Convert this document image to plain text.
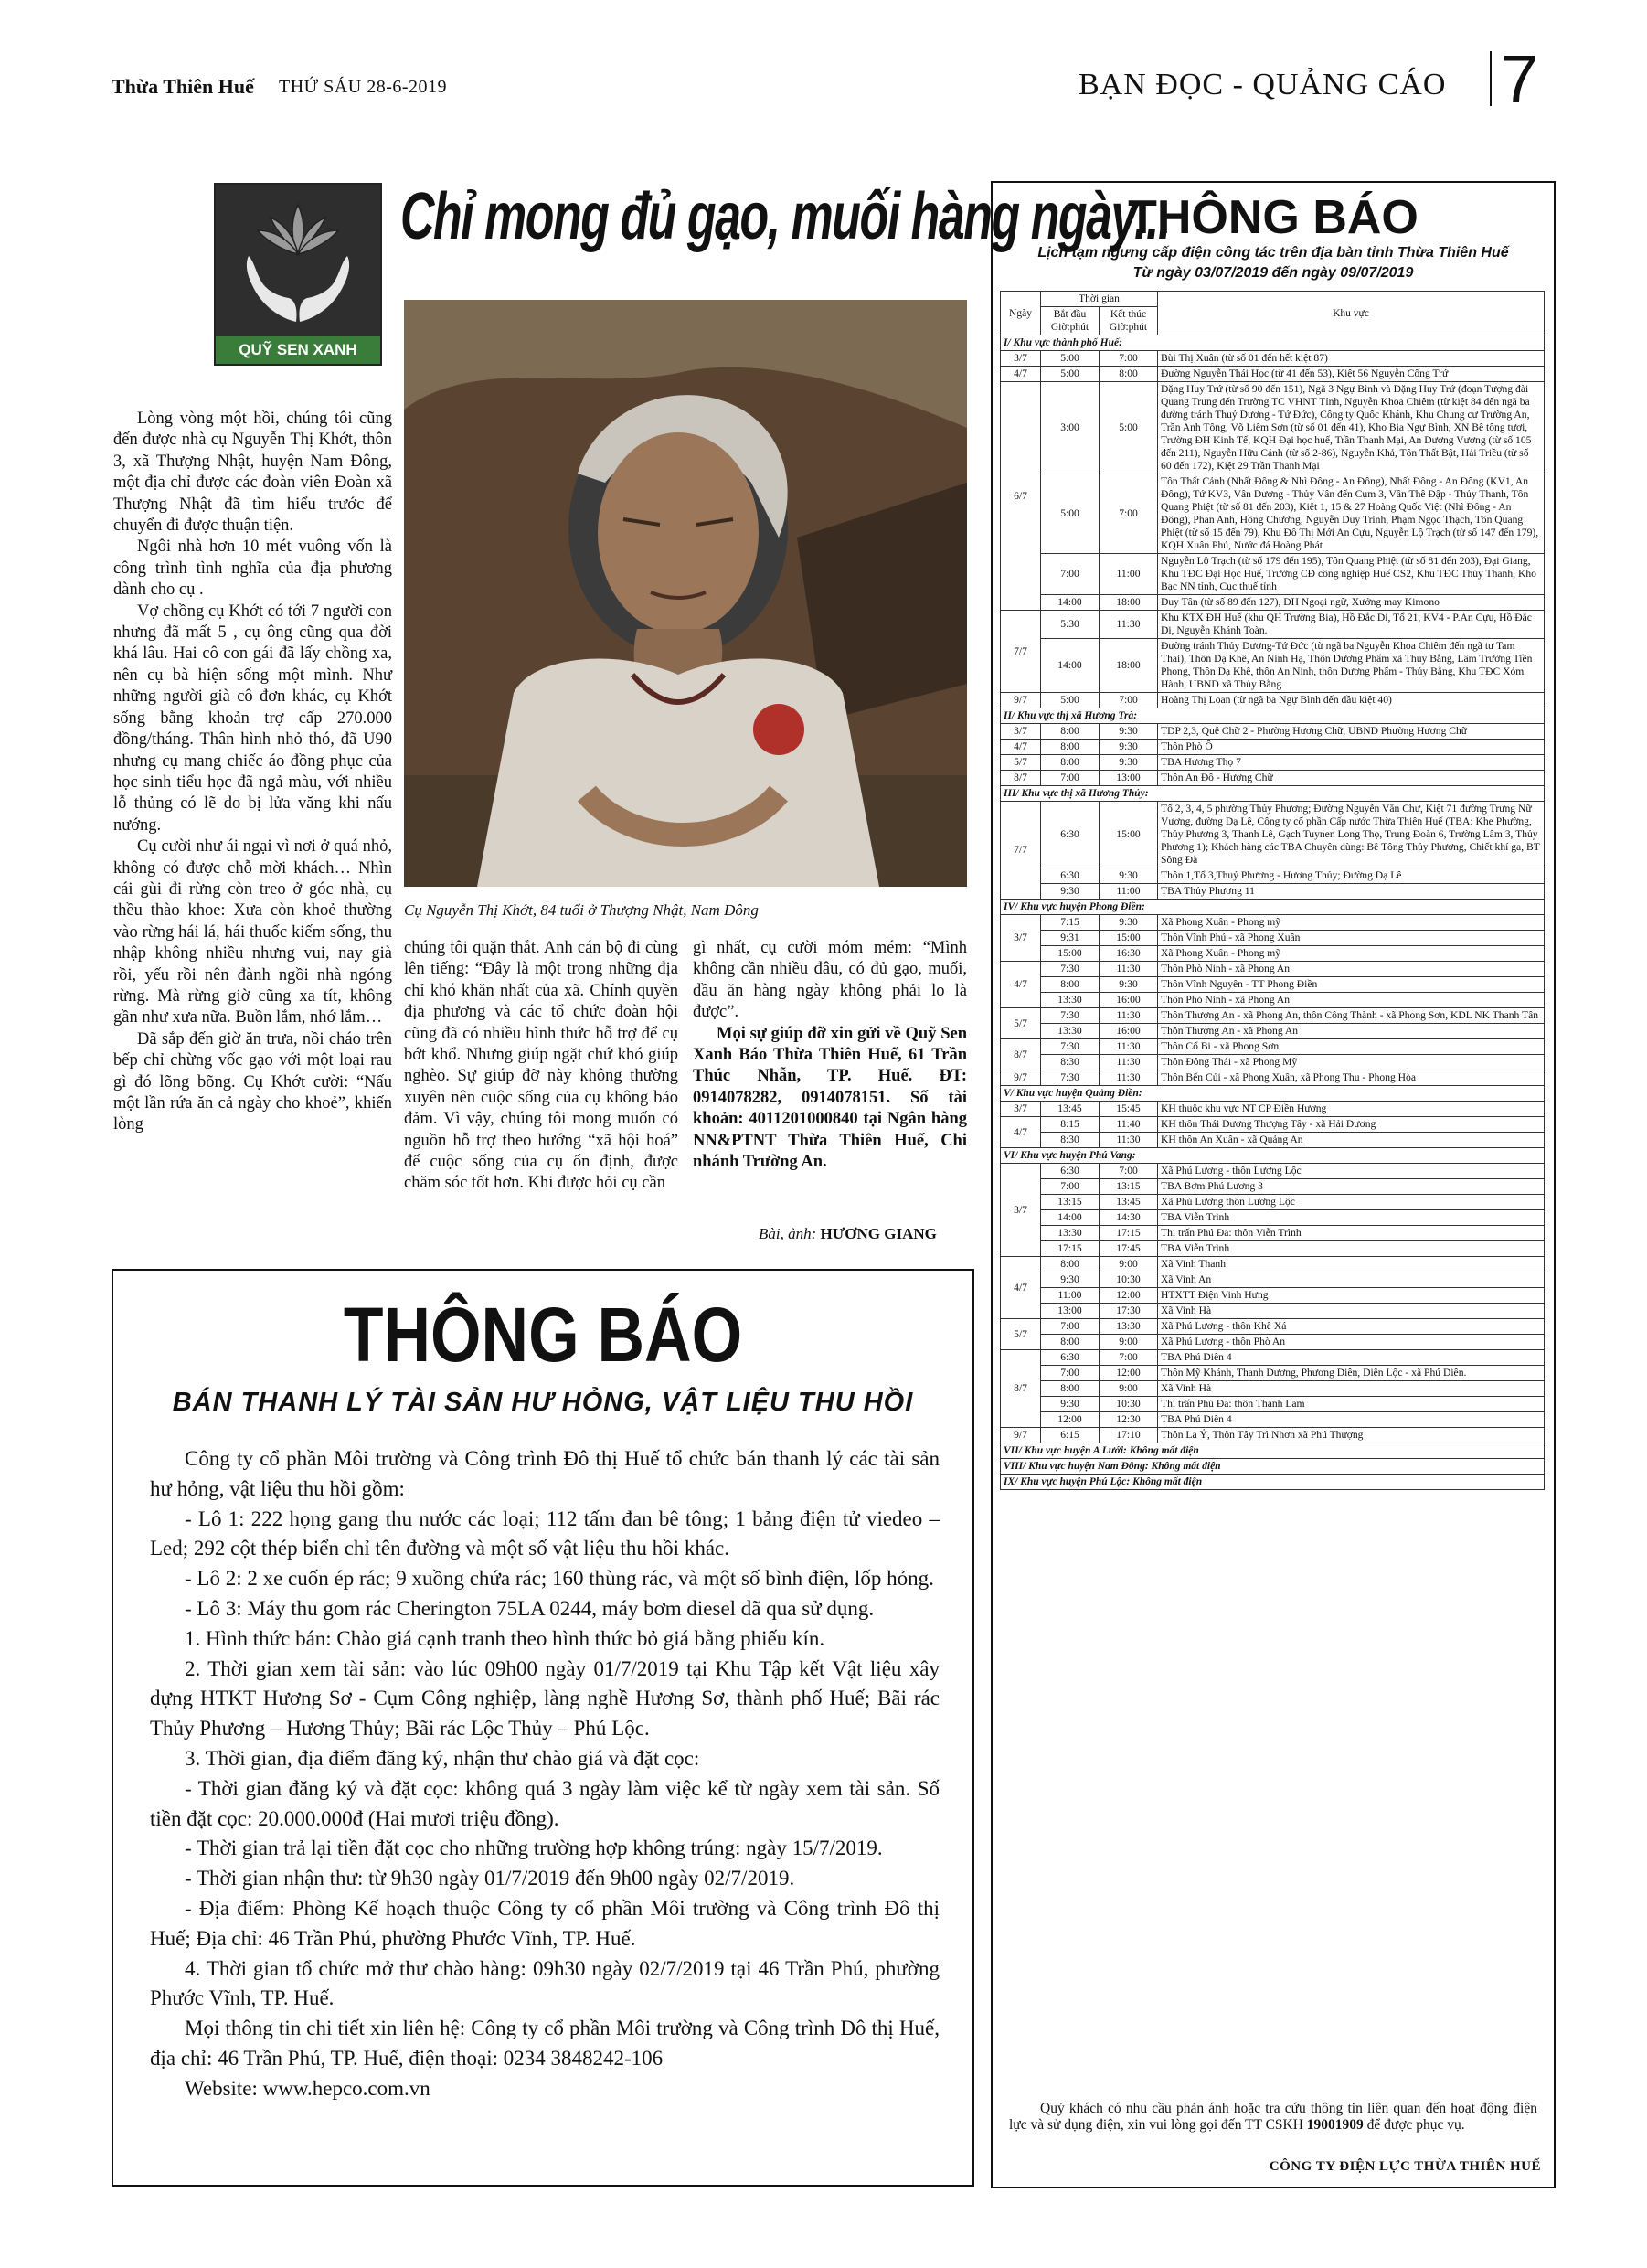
Thừa Thiên Huế THỨ SÁU 28-6-2019	BẠN ĐỌC - QUẢNG CÁO 7
QUỸ SEN XANH
Chỉ mong đủ gạo, muối hàng ngày...
Cụ Nguyễn Thị Khớt, 84 tuổi ở Thượng Nhật, Nam Đông

Lòng vòng một hồi, chúng tôi cũng đến được nhà cụ Nguyễn Thị Khớt, thôn 3, xã Thượng Nhật, huyện Nam Đông, một địa chỉ được các đoàn viên Đoàn xã Thượng Nhật đã tìm hiểu trước để chuyển đi được thuận tiện.

Ngôi nhà hơn 10 mét vuông vốn là công trình tình nghĩa của địa phương dành cho cụ .

Vợ chồng cụ Khớt có tới 7 người con nhưng đã mất 5 , cụ ông cũng qua đời khá lâu. Hai cô con gái đã lấy chồng xa, nên cụ bà hiện sống một mình. Như những người già cô đơn khác, cụ Khớt sống bằng khoản trợ cấp 270.000 đồng/tháng. Thân hình nhỏ thó, đã U90 nhưng cụ mang chiếc áo đồng phục của học sinh tiểu học đã ngả màu, với nhiều lỗ thủng có lẽ do bị lửa văng khi nấu nướng.

Cụ cười như ái ngại vì nơi ở quá nhỏ, không có được chỗ mời khách… Nhìn cái gùi đi rừng còn treo ở góc nhà, cụ thều thào khoe: Xưa còn khoẻ thường vào rừng hái lá, hái thuốc kiếm sống, thu nhập không nhiều nhưng vui, nay già rồi, yếu rồi nên đành ngồi nhà ngóng rừng. Mà rừng giờ cũng xa tít, không gần như xưa nữa. Buồn lắm, nhớ lắm…

Đã sắp đến giờ ăn trưa, nồi cháo trên bếp chỉ chừng vốc gạo với một loại rau gì đó lõng bõng. Cụ Khớt cười: “Nấu một lần rứa ăn cả ngày cho khoẻ”, khiến lòng

chúng tôi quặn thắt. Anh cán bộ đi cùng lên tiếng: “Đây là một trong những địa chỉ khó khăn nhất của xã. Chính quyền địa phương và các tổ chức đoàn hội cũng đã có nhiều hình thức hỗ trợ để cụ bớt khổ. Nhưng giúp ngặt chứ khó giúp nghèo. Sự giúp đỡ này không thường xuyên nên cuộc sống của cụ không bảo đảm. Vì vậy, chúng tôi mong muốn có nguồn hỗ trợ theo hướng “xã hội hoá” để cuộc sống của cụ ổn định, được chăm sóc tốt hơn. Khi được hỏi cụ cần

gì nhất, cụ cười móm mém: “Mình không cần nhiều đâu, có đủ gạo, muối, dầu ăn hàng ngày không phải lo là được”.

Mọi sự giúp đỡ xin gửi về Quỹ Sen Xanh Báo Thừa Thiên Huế, 61 Trần Thúc Nhẫn, TP. Huế. ĐT: 0914078282, 0914078151. Số tài khoản: 4011201000840 tại Ngân hàng NN&PTNT Thừa Thiên Huế, Chi nhánh Trường An.

Bài, ảnh: HƯƠNG GIANG
THÔNG BÁO
BÁN THANH LÝ TÀI SẢN HƯ HỎNG, VẬT LIỆU THU HỒI

Công ty cổ phần Môi trường và Công trình Đô thị Huế tổ chức bán thanh lý các tài sản hư hỏng, vật liệu thu hồi gồm:

- Lô 1: 222 họng gang thu nước các loại; 112 tấm đan bê tông; 1 bảng điện tử viedeo – Led; 292 cột thép biển chỉ tên đường và một số vật liệu thu hồi khác.

- Lô 2: 2 xe cuốn ép rác; 9 xuồng chứa rác; 160 thùng rác, và một số bình điện, lốp hỏng.

- Lô 3: Máy thu gom rác Cherington 75LA 0244, máy bơm diesel đã qua sử dụng.

1. Hình thức bán: Chào giá cạnh tranh theo hình thức bỏ giá bằng phiếu kín.

2. Thời gian xem tài sản: vào lúc 09h00 ngày 01/7/2019 tại Khu Tập kết Vật liệu xây dựng HTKT Hương Sơ - Cụm Công nghiệp, làng nghề Hương Sơ, thành phố Huế; Bãi rác Thủy Phương – Hương Thủy; Bãi rác Lộc Thủy – Phú Lộc.

3. Thời gian, địa điểm đăng ký, nhận thư chào giá và đặt cọc:

- Thời gian đăng ký và đặt cọc: không quá 3 ngày làm việc kể từ ngày xem tài sản. Số tiền đặt cọc: 20.000.000đ (Hai mươi triệu đồng).

- Thời gian trả lại tiền đặt cọc cho những trường hợp không trúng: ngày 15/7/2019.

- Thời gian nhận thư: từ 9h30 ngày 01/7/2019 đến 9h00 ngày 02/7/2019.

- Địa điểm: Phòng Kế hoạch thuộc Công ty cổ phần Môi trường và Công trình Đô thị Huế; Địa chỉ: 46 Trần Phú, phường Phước Vĩnh, TP. Huế.

4. Thời gian tổ chức mở thư chào hàng: 09h30 ngày 02/7/2019 tại 46 Trần Phú, phường Phước Vĩnh, TP. Huế.

Mọi thông tin chi tiết xin liên hệ: Công ty cổ phần Môi trường và Công trình Đô thị Huế, địa chỉ: 46 Trần Phú, TP. Huế, điện thoại: 0234 3848242-106

Website: www.hepco.com.vn

THÔNG BÁO
Lịch tạm ngưng cấp điện công tác trên địa bàn tỉnh Thừa Thiên Huế
Từ ngày 03/07/2019 đến ngày 09/07/2019
Ngày	Thời gian		Khu vực
	Bắt đầu Giờ:phút	Kết thúc Giờ:phút	
I/ Khu vực thành phố Huế:			
3/7	5:00	7:00	Bùi Thị Xuân (từ số 01 đến hết kiệt 87)
4/7	5:00	8:00	Đường Nguyễn Thái Học (từ 41 đến 53), Kiệt 56 Nguyễn Công Trứ
6/7	3:00	5:00	Đặng Huy Trứ (từ số 90 đến 151), Ngã 3 Ngự Bình và Đặng Huy Trứ (đoạn Tượng đài Quang Trung đến Trường TC VHNT Tỉnh, Nguyễn Khoa Chiêm (từ kiệt 84 đến ngã ba đường tránh Thuỷ Dương - Tứ Đức), Công ty Quốc Khánh, Khu Chung cư Trường An, Trần Anh Tông, Võ Liêm Sơn (từ số 01 đến 41), Kho Bia Ngự Bình, XN Bê tông tươi, Trường ĐH Kinh Tế, KQH Đại học huế, Trần Thanh Mại, An Dương Vương (từ số 105 đến 211), Nguyễn Hữu Cảnh (từ số 2-86), Nguyễn Khả, Tôn Thất Bật, Hải Triều (từ số 60 đến 172), Kiệt 29 Trần Thanh Mại
	5:00	7:00	Tôn Thất Cảnh (Nhất Đông & Nhì Đông - An Đông), Nhất Đông - An Đông (KV1, An Đông), Tứ KV3, Vân Dương - Thủy Vân đến Cụm 3, Vân Thê Đập - Thủy Thanh, Tôn Quang Phiệt (từ số 81 đến 203), Kiệt 1, 15 & 27 Hoàng Quốc Việt (Nhì Đông - An Đông), Phan Anh, Hồng Chương, Nguyễn Duy Trinh, Phạm Ngọc Thạch, Tôn Quang Phiệt (từ số 15 đến 79), Khu Đô Thị Mới An Cựu, Nguyễn Lộ Trạch (từ số 147 đến 179), KQH Xuân Phú, Nước đá Hoàng Phát
	7:00	11:00	Nguyễn Lộ Trạch (từ số 179 đến 195), Tôn Quang Phiệt (từ số 81 đến 203), Đại Giang, Khu TĐC Đại Học Huế, Trường CĐ công nghiệp Huế CS2, Khu TĐC Thủy Thanh, Kho Bạc NN tỉnh, Cục thuế tỉnh
	14:00	18:00	Duy Tân (từ số 89 đến 127), ĐH Ngoại ngữ, Xưởng may Kimono
7/7	5:30	11:30	Khu KTX ĐH Huế (khu QH Trường Bia), Hồ Đắc Di, Tổ 21, KV4 - P.An Cựu, Hồ Đắc Di, Nguyễn Khánh Toàn.
	14:00	18:00	Đường tránh Thủy Dương-Tứ Đức (từ ngã ba Nguyễn Khoa Chiêm đến ngã tư Tam Thai), Thôn Dạ Khê, An Ninh Hạ, Thôn Dương Phẩm xã Thủy Bằng, Lâm Trường Tiền Phong, Thôn Dạ Khê, thôn An Ninh, thôn Dương Phẩm - Thủy Bằng, Khu TĐC Xóm Hành, UBND xã Thủy Bằng
9/7	5:00	7:00	Hoàng Thị Loan (từ ngã ba Ngự Bình đến đầu kiệt 40)
II/ Khu vực thị xã Hương Trà:			
3/7	8:00	9:30	TDP 2,3, Quê Chữ 2 - Phường Hương Chữ, UBND Phường Hương Chữ
4/7	8:00	9:30	Thôn Phò Ô
5/7	8:00	9:30	TBA Hương Thọ 7
8/7	7:00	13:00	Thôn An Đô - Hương Chữ
III/ Khu vực thị xã Hương Thủy:			
7/7	6:30	15:00	Tổ 2, 3, 4, 5 phường Thủy Phương; Đường Nguyễn Văn Chư, Kiệt 71 đường Trưng Nữ Vương, đường Dạ Lê, Công ty cổ phần Cấp nước Thừa Thiên Huế (TBA: Khe Phường, Thủy Phương 3, Thanh Lê, Gạch Tuynen Long Thọ, Trung Đoàn 6, Trường Lâm 3, Thủy Phương 1); Khách hàng các TBA Chuyên dùng: Bê Tông Thủy Phương, Chiết khí ga, BT Sông Đà
	6:30	9:30	Thôn 1,Tổ 3,Thuỷ Phương - Hương Thủy; Đường Dạ Lê
	9:30	11:00	TBA Thủy Phương 11
IV/ Khu vực huyện Phong Điền:			
3/7	7:15	9:30	Xã Phong Xuân - Phong mỹ
	9:31	15:00	Thôn Vĩnh Phú - xã Phong Xuân
	15:00	16:30	Xã Phong Xuân - Phong mỹ
4/7	7:30	11:30	Thôn Phò Ninh - xã Phong An
	8:00	9:30	Thôn Vĩnh Nguyên - TT Phong Điền
	13:30	16:00	Thôn Phò Ninh - xã Phong An
5/7	7:30	11:30	Thôn Thượng An - xã Phong An, thôn Công Thành - xã Phong Sơn, KDL NK Thanh Tân
	13:30	16:00	Thôn Thượng An - xã Phong An
8/7	7:30	11:30	Thôn Cổ Bi - xã Phong Sơn
	8:30	11:30	Thôn Đông Thái - xã Phong Mỹ
9/7	7:30	11:30	Thôn Bến Củi - xã Phong Xuân, xã Phong Thu - Phong Hòa
V/ Khu vực huyện Quảng Điền:			
3/7	13:45	15:45	KH thuộc khu vực NT CP Điền Hương
4/7	8:15	11:40	KH thôn Thái Dương Thượng Tây - xã Hải Dương
	8:30	11:30	KH thôn An Xuân - xã Quảng An
VI/ Khu vực huyện Phú Vang:			
3/7	6:30	7:00	Xã Phú Lương - thôn Lương Lộc
	7:00	13:15	TBA Bơm Phú Lương 3
	13:15	13:45	Xã Phú Lương thôn Lương Lộc
	14:00	14:30	TBA Viễn Trình
	13:30	17:15	Thị trấn Phú Đa: thôn Viễn Trình
	17:15	17:45	TBA Viễn Trình
4/7	8:00	9:00	Xã Vinh Thanh
	9:30	10:30	Xã Vinh An
	11:00	12:00	HTXTT Điện Vinh Hưng
	13:00	17:30	Xã Vinh Hà
5/7	7:00	13:30	Xã Phú Lương - thôn Khê Xá
	8:00	9:00	Xã Phú Lương - thôn Phò An
8/7	6:30	7:00	TBA Phú Diên 4
	7:00	12:00	Thôn Mỹ Khánh, Thanh Dương, Phương Diên, Diên Lộc - xã Phú Diên.
	8:00	9:00	Xã Vinh Hà
	9:30	10:30	Thị trấn Phú Đa: thôn Thanh Lam
	12:00	12:30	TBA Phú Diên 4
9/7	6:15	17:10	Thôn La Ỷ, Thôn Tây Trì Nhơn xã Phú Thượng
VII/ Khu vực huyện A Lưới: Không mất điện			
VIII/ Khu vực huyện Nam Đông: Không mất điện			
IX/ Khu vực huyện Phú Lộc: Không mất điện			

Quý khách có nhu cầu phản ánh hoặc tra cứu thông tin liên quan đến hoạt động điện lực và sử dụng điện, xin vui lòng gọi đến TT CSKH 19001909 để được phục vụ.

CÔNG TY ĐIỆN LỰC THỪA THIÊN HUẾ
